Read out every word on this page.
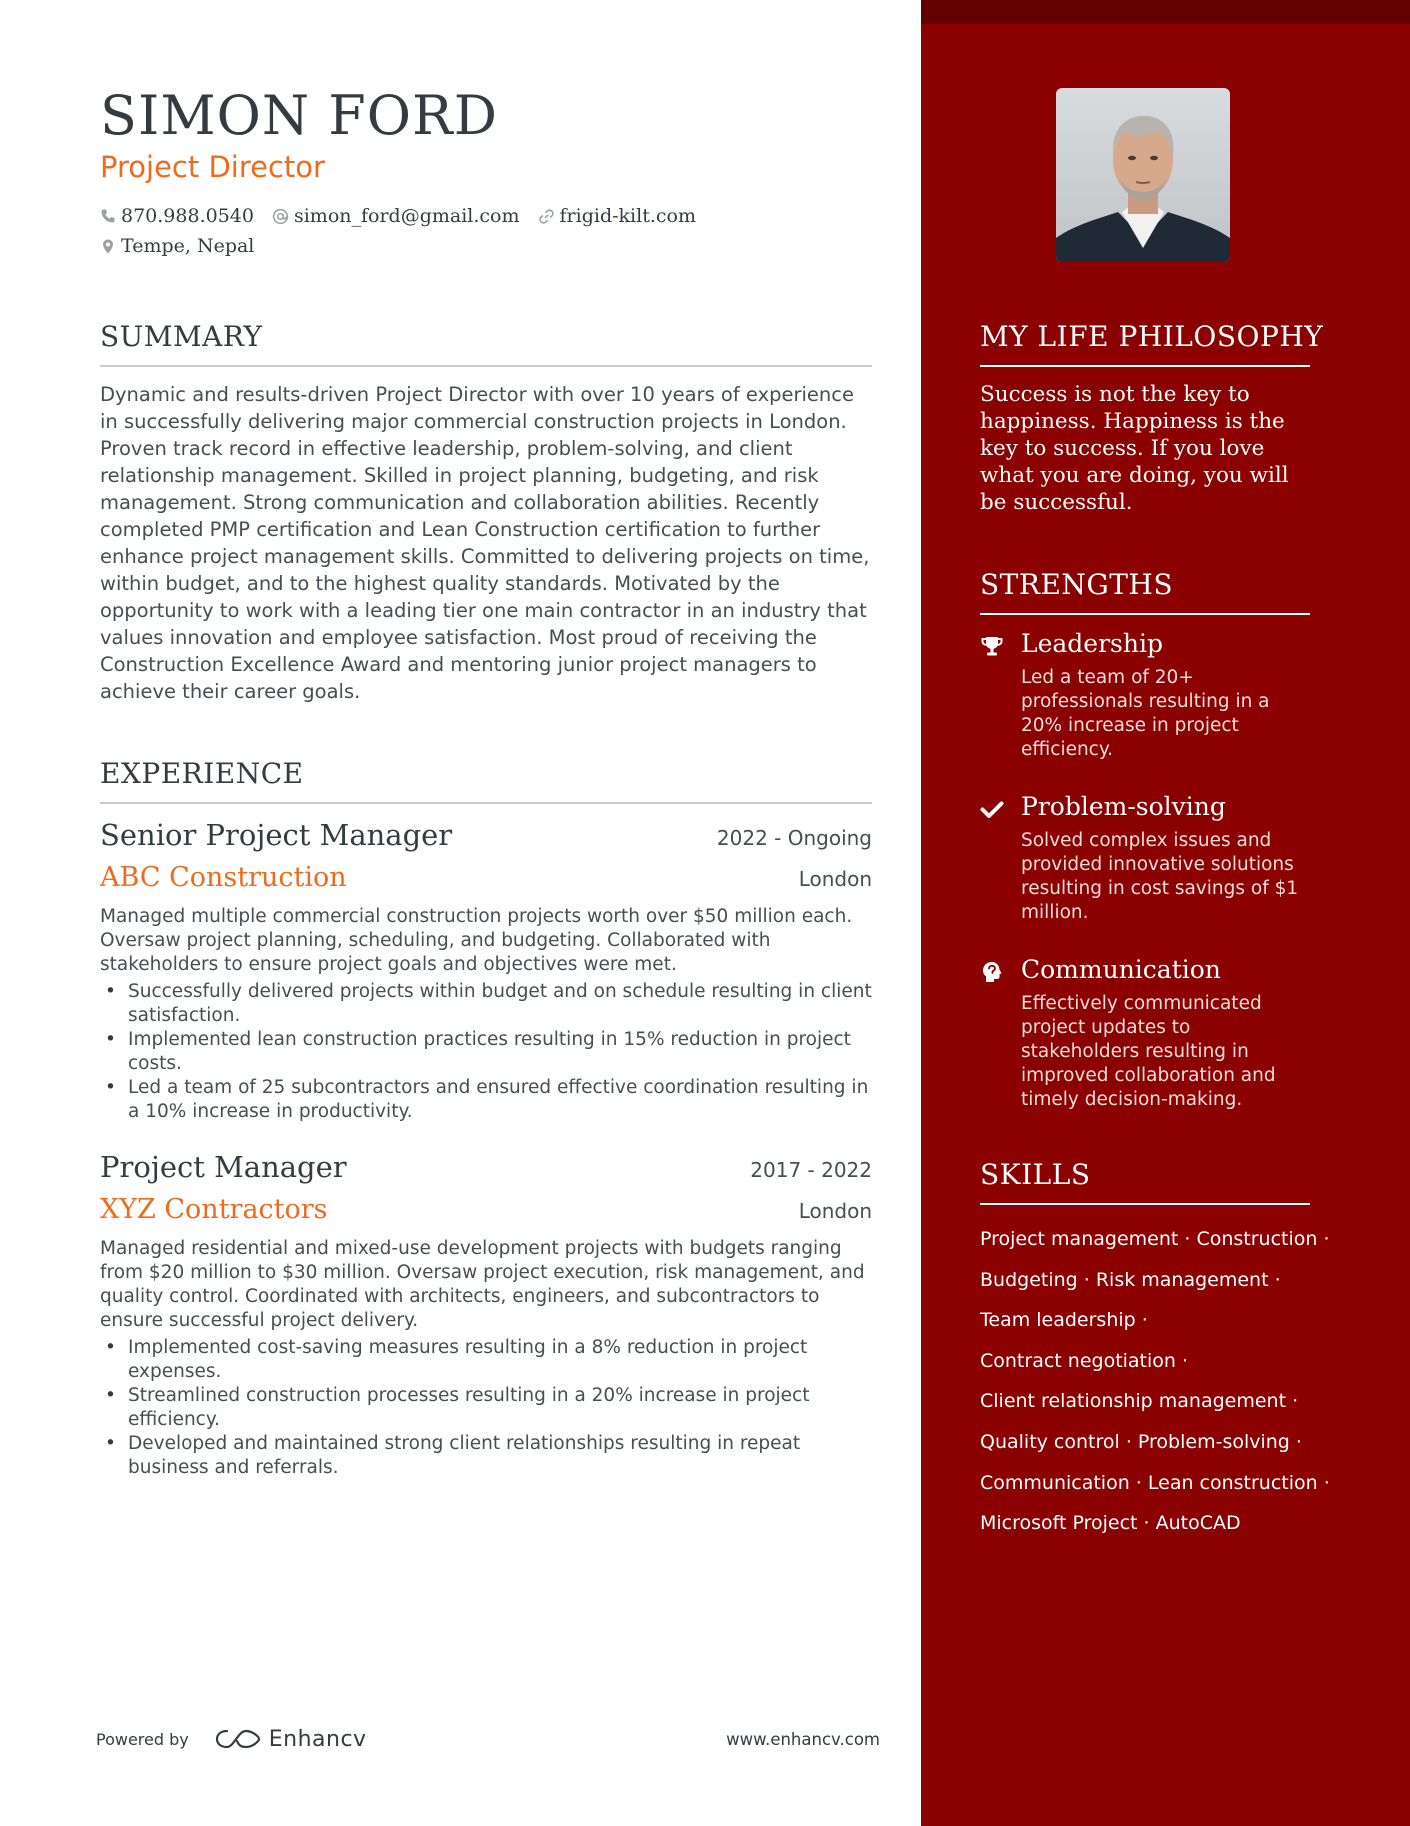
SIMON FORD
Project Director
870.988.0540 simon_ford@gmail.com frigid-kilt.com
Tempe, Nepal
SUMMARY

Dynamic and results-driven Project Director with over 10 years of experience in successfully delivering major commercial construction projects in London. Proven track record in effective leadership, problem-solving, and client relationship management. Skilled in project planning, budgeting, and risk management. Strong communication and collaboration abilities. Recently completed PMP certification and Lean Construction certification to further enhance project management skills. Committed to delivering projects on time, within budget, and to the highest quality standards. Motivated by the opportunity to work with a leading tier one main contractor in an industry that values innovation and employee satisfaction. Most proud of receiving the Construction Excellence Award and mentoring junior project managers to achieve their career goals.

EXPERIENCE
Senior Project Manager	2022 - Ongoing
ABC Construction	London

Managed multiple commercial construction projects worth over $50 million each. Oversaw project planning, scheduling, and budgeting. Collaborated with stakeholders to ensure project goals and objectives were met.

• Successfully delivered projects within budget and on schedule resulting in client satisfaction.
• Implemented lean construction practices resulting in 15% reduction in project costs.
• Led a team of 25 subcontractors and ensured effective coordination resulting in a 10% increase in productivity.
Project Manager	2017 - 2022
XYZ Contractors	London

Managed residential and mixed-use development projects with budgets ranging from $20 million to $30 million. Oversaw project execution, risk management, and quality control. Coordinated with architects, engineers, and subcontractors to ensure successful project delivery.

• Implemented cost-saving measures resulting in a 8% reduction in project expenses.
• Streamlined construction processes resulting in a 20% increase in project efficiency.
• Developed and maintained strong client relationships resulting in repeat business and referrals.
Powered by	Enhancv	www.enhancv.com
MY LIFE PHILOSOPHY

Success is not the key to happiness. Happiness is the key to success. If you love what you are doing, you will be successful.

STRENGTHS
Leadership

Led a team of 20+ professionals resulting in a 20% increase in project efficiency.

Problem-solving

Solved complex issues and provided innovative solutions resulting in cost savings of $1 million.

Communication

Effectively communicated project updates to stakeholders resulting in improved collaboration and timely decision-making.

SKILLS
Project management · Construction ·
Budgeting · Risk management ·
Team leadership ·
Contract negotiation ·
Client relationship management ·
Quality control · Problem-solving ·
Communication · Lean construction ·
Microsoft Project · AutoCAD
